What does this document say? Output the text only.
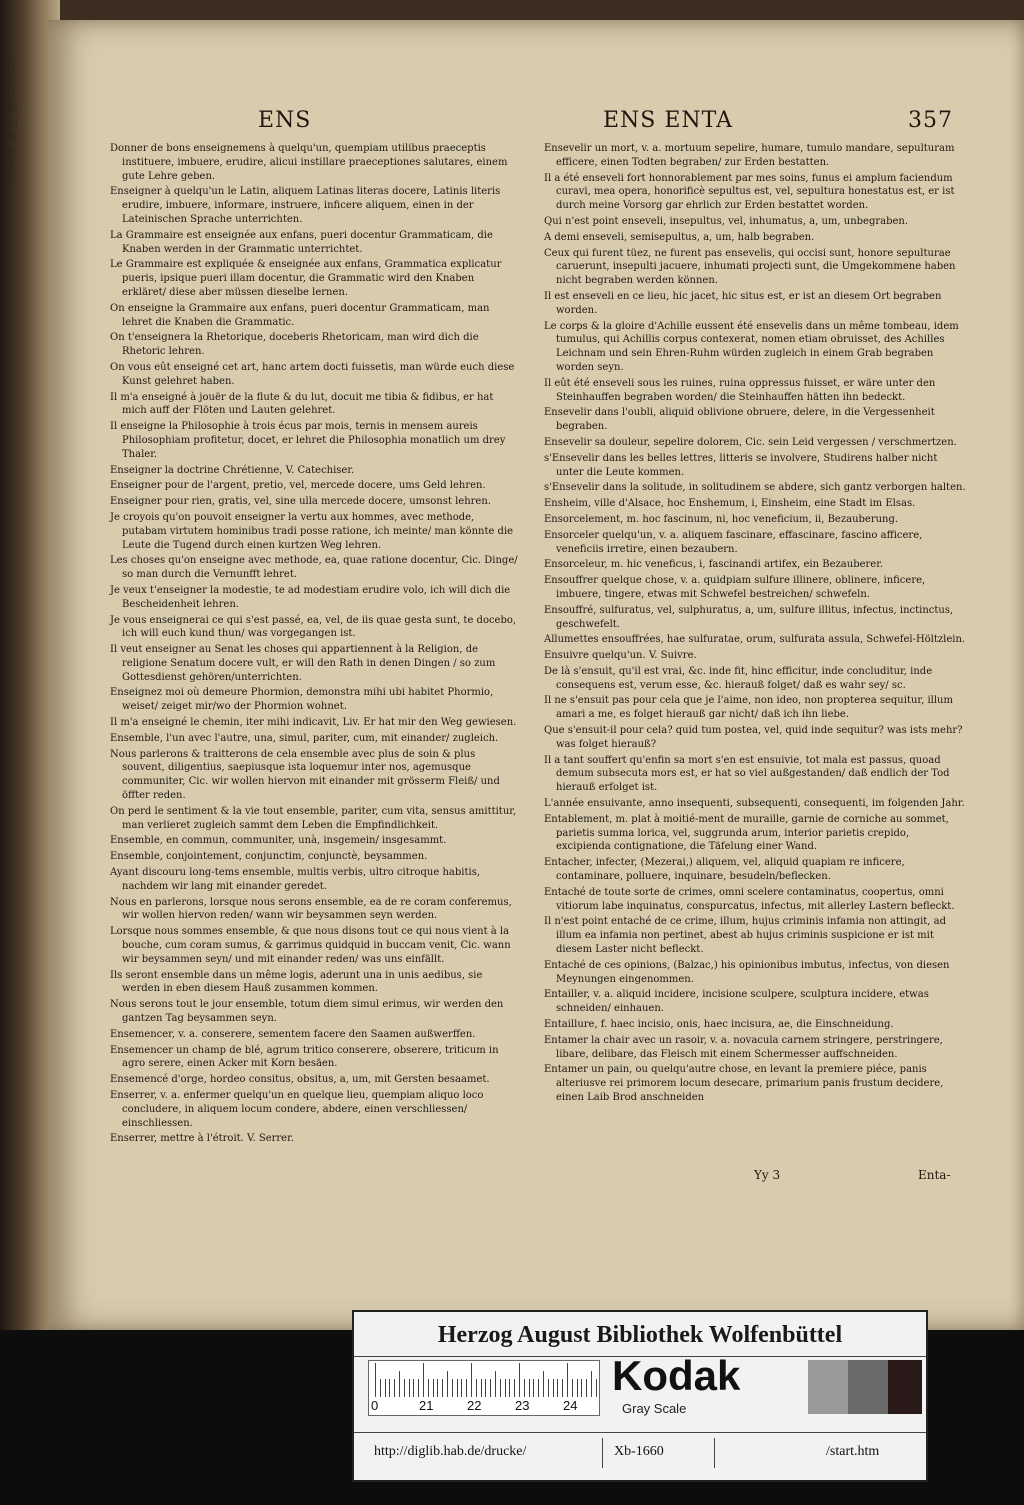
nt
u
di
de
mi
co
re
m
U
ENS	ENS ENTA	357
Donner de bons enseignemens à quelqu'un, quempiam utilibus praeceptis instituere, imbuere, erudire, alicui instillare praeceptiones salutares, einem gute Lehre geben.
Enseigner à quelqu'un le Latin, aliquem Latinas literas docere, Latinis literis erudire, imbuere, informare, instruere, inficere aliquem, einen in der Lateinischen Sprache unterrichten.
La Grammaire est enseignée aux enfans, pueri docentur Grammaticam, die Knaben werden in der Grammatic unterrichtet.
Le Grammaire est expliquée & enseignée aux enfans, Grammatica explicatur pueris, ipsique pueri illam docentur, die Grammatic wird den Knaben erkläret/ diese aber müssen dieselbe lernen.
On enseigne la Grammaire aux enfans, pueri docentur Grammaticam, man lehret die Knaben die Grammatic.
On t'enseignera la Rhetorique, doceberis Rhetoricam, man wird dich die Rhetoric lehren.
On vous eût enseigné cet art, hanc artem docti fuissetis, man würde euch diese Kunst gelehret haben.
Il m'a enseigné à jouër de la flute & du lut, docuit me tibia & fidibus, er hat mich auff der Flöten und Lauten gelehret.
Il enseigne la Philosophie à trois écus par mois, ternis in mensem aureis Philosophiam profitetur, docet, er lehret die Philosophia monatlich um drey Thaler.
Enseigner la doctrine Chrétienne, V. Catechiser.
Enseigner pour de l'argent, pretio, vel, mercede docere, ums Geld lehren.
Enseigner pour rien, gratis, vel, sine ulla mercede docere, umsonst lehren.
Je croyois qu'on pouvoit enseigner la vertu aux hommes, avec methode, putabam virtutem hominibus tradi posse ratione, ich meinte/ man könnte die Leute die Tugend durch einen kurtzen Weg lehren.
Les choses qu'on enseigne avec methode, ea, quae ratione docentur, Cic. Dinge/ so man durch die Vernunfft lehret.
Je veux t'enseigner la modestie, te ad modestiam erudire volo, ich will dich die Bescheidenheit lehren.
Je vous enseignerai ce qui s'est passé, ea, vel, de iis quae gesta sunt, te docebo, ich will euch kund thun/ was vorgegangen ist.
Il veut enseigner au Senat les choses qui appartiennent à la Religion, de religione Senatum docere vult, er will den Rath in denen Dingen / so zum Gottesdienst gehören/unterrichten.
Enseignez moi où demeure Phormion, demonstra mihi ubi habitet Phormio, weiset/ zeiget mir/wo der Phormion wohnet.
Il m'a enseigné le chemin, iter mihi indicavit, Liv. Er hat mir den Weg gewiesen.
Ensemble, l'un avec l'autre, una, simul, pariter, cum, mit einander/ zugleich.
Nous parlerons & traitterons de cela ensemble avec plus de soin & plus souvent, diligentius, saepiusque ista loquemur inter nos, agemusque communiter, Cic. wir wollen hiervon mit einander mit grösserm Fleiß/ und öffter reden.
On perd le sentiment & la vie tout ensemble, pariter, cum vita, sensus amittitur, man verlieret zugleich sammt dem Leben die Empfindlichkeit.
Ensemble, en commun, communiter, unà, insgemein/ insgesammt.
Ensemble, conjointement, conjunctim, conjunctè, beysammen.
Ayant discouru long-tems ensemble, multis verbis, ultro citroque habitis, nachdem wir lang mit einander geredet.
Nous en parlerons, lorsque nous serons ensemble, ea de re coram conferemus, wir wollen hiervon reden/ wann wir beysammen seyn werden.
Lorsque nous sommes ensemble, & que nous disons tout ce qui nous vient à la bouche, cum coram sumus, & garrimus quidquid in buccam venit, Cic. wann wir beysammen seyn/ und mit einander reden/ was uns einfällt.
Ils seront ensemble dans un même logis, aderunt una in unis aedibus, sie werden in eben diesem Hauß zusammen kommen.
Nous serons tout le jour ensemble, totum diem simul erimus, wir werden den gantzen Tag beysammen seyn.
Ensemencer, v. a. conserere, sementem facere den Saamen außwerffen.
Ensemencer un champ de blé, agrum tritico conserere, obserere, triticum in agro serere, einen Acker mit Korn besäen.
Ensemencé d'orge, hordeo consitus, obsitus, a, um, mit Gersten besaamet.
Enserrer, v. a. enfermer quelqu'un en quelque lieu, quempiam aliquo loco concludere, in aliquem locum condere, abdere, einen verschliessen/ einschliessen.
Enserrer, mettre à l'étroit. V. Serrer.
Ensevelir un mort, v. a. mortuum sepelire, humare, tumulo mandare, sepulturam efficere, einen Todten begraben/ zur Erden bestatten.
Il a été enseveli fort honnorablement par mes soins, funus ei amplum faciendum curavi, mea opera, honorificè sepultus est, vel, sepultura honestatus est, er ist durch meine Vorsorg gar ehrlich zur Erden bestattet worden.
Qui n'est point enseveli, insepultus, vel, inhumatus, a, um, unbegraben.
A demi enseveli, semisepultus, a, um, halb begraben.
Ceux qui furent tüez, ne furent pas ensevelis, qui occisi sunt, honore sepulturae caruerunt, insepulti jacuere, inhumati projecti sunt, die Umgekommene haben nicht begraben werden können.
Il est enseveli en ce lieu, hic jacet, hic situs est, er ist an diesem Ort begraben worden.
Le corps & la gloire d'Achille eussent été ensevelis dans un même tombeau, idem tumulus, qui Achillis corpus contexerat, nomen etiam obruisset, des Achilles Leichnam und sein Ehren-Ruhm würden zugleich in einem Grab begraben worden seyn.
Il eût été enseveli sous les ruines, ruina oppressus fuisset, er wäre unter den Steinhauffen begraben worden/ die Steinhauffen hätten ihn bedeckt.
Ensevelir dans l'oubli, aliquid oblivione obruere, delere, in die Vergessenheit begraben.
Ensevelir sa douleur, sepelire dolorem, Cic. sein Leid vergessen / verschmertzen.
s'Ensevelir dans les belles lettres, litteris se involvere, Studirens halber nicht unter die Leute kommen.
s'Ensevelir dans la solitude, in solitudinem se abdere, sich gantz verborgen halten.
Ensheim, ville d'Alsace, hoc Enshemum, i, Einsheim, eine Stadt im Elsas.
Ensorcelement, m. hoc fascinum, ni, hoc veneficium, ii, Bezauberung.
Ensorceler quelqu'un, v. a. aliquem fascinare, effascinare, fascino afficere, veneficiis irretire, einen bezaubern.
Ensorceleur, m. hic veneficus, i, fascinandi artifex, ein Bezauberer.
Ensouffrer quelque chose, v. a. quidpiam sulfure illinere, oblinere, inficere, imbuere, tingere, etwas mit Schwefel bestreichen/ schwefeln.
Ensouffré, sulfuratus, vel, sulphuratus, a, um, sulfure illitus, infectus, inctinctus, geschwefelt.
Allumettes ensouffrées, hae sulfuratae, orum, sulfurata assula, Schwefel-Höltzlein.
Ensuivre quelqu'un. V. Suivre.
De là s'ensuit, qu'il est vrai, &c. inde fit, hinc efficitur, inde concluditur, inde consequens est, verum esse, &c. hierauß folget/ daß es wahr sey/ sc.
Il ne s'ensuit pas pour cela que je l'aime, non ideo, non propterea sequitur, illum amari a me, es folget hierauß gar nicht/ daß ich ihn liebe.
Que s'ensuit-il pour cela? quid tum postea, vel, quid inde sequitur? was ists mehr? was folget hierauß?
Il a tant souffert qu'enfin sa mort s'en est ensuivie, tot mala est passus, quoad demum subsecuta mors est, er hat so viel außgestanden/ daß endlich der Tod hierauß erfolget ist.
L'année ensuivante, anno insequenti, subsequenti, consequenti, im folgenden Jahr.
Entablement, m. plat à moitié-ment de muraille, garnie de corniche au sommet, parietis summa lorica, vel, suggrunda arum, interior parietis crepido, excipienda contignatione, die Täfelung einer Wand.
Entacher, infecter, (Mezerai,) aliquem, vel, aliquid quapiam re inficere, contaminare, polluere, inquinare, besudeln/beflecken.
Entaché de toute sorte de crimes, omni scelere contaminatus, coopertus, omni vitiorum labe inquinatus, conspurcatus, infectus, mit allerley Lastern befleckt.
Il n'est point entaché de ce crime, illum, hujus criminis infamia non attingit, ad illum ea infamia non pertinet, abest ab hujus criminis suspicione er ist mit diesem Laster nicht befleckt.
Entaché de ces opinions, (Balzac,) his opinionibus imbutus, infectus, von diesen Meynungen eingenommen.
Entailler, v. a. aliquid incidere, incisione sculpere, sculptura incidere, etwas schneiden/ einhauen.
Entaillure, f. haec incisio, onis, haec incisura, ae, die Einschneidung.
Entamer la chair avec un rasoir, v. a. novacula carnem stringere, perstringere, libare, delibare, das Fleisch mit einem Schermesser auffschneiden.
Entamer un pain, ou quelqu'autre chose, en levant la premiere piéce, panis alteriusve rei primorem locum desecare, primarium panis frustum decidere, einen Laib Brod anschneiden
Yy 3	Enta-
Herzog August Bibliothek Wolfenbüttel
0	21	22	23	24
Kodak
Gray Scale
http://diglib.hab.de/drucke/	Xb-1660	/start.htm
